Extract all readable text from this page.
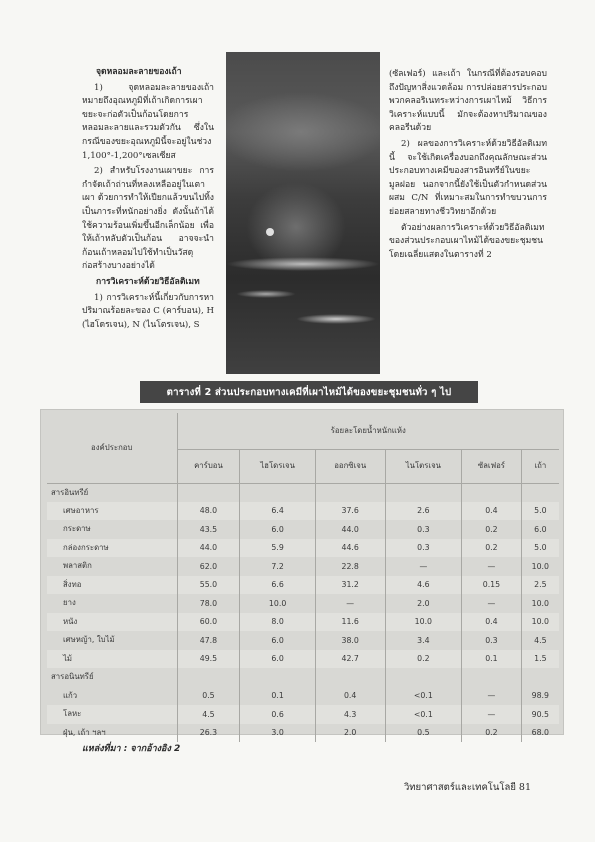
จุดหลอมละลายของเถ้า

1) จุดหลอมละลายของเถ้า หมายถึงอุณหภูมิที่เถ้าเกิดการเผาขยะจะก่อตัวเป็นก้อนโดยการหลอมละลายและรวมตัวกัน ซึ่งในกรณีของขยะอุณหภูมินี้จะอยู่ในช่วง 1,100°-1,200°เซลเซียส

2) สำหรับโรงงานเผาขยะ การกำจัดเถ้าถ่านที่หลงเหลืออยู่ในเตาเผา ด้วยการทำให้เปียกแล้วขนไปทิ้งเป็นภาระที่หนักอย่างยิ่ง ดังนั้นถ้าได้ใช้ความร้อนเพิ่มขึ้นอีกเล็กน้อย เพื่อให้เถ้าหลับตัวเป็นก้อน อาจจะนำก้อนเถ้าหลอมไปใช้ทำเป็นวัสดุก่อสร้างบางอย่างได้

การวิเคราะห์ด้วยวิธีอัลติเมท

1) การวิเคราะห์นี้เกี่ยวกับการหาปริมาณร้อยละของ C (คาร์บอน), H (ไฮโดรเจน), N (ไนโตรเจน), S

(ซัลเฟอร์) และเถ้า ในกรณีที่ต้องรอบคอบถึงปัญหาสิ่งแวดล้อม การปล่อยสารประกอบพวกคลอริเนทระหว่างการเผาไหม้ วิธีการวิเคราะห์แบบนี้ มักจะต้องหาปริมาณของคลอรีนด้วย

2) ผลของการวิเคราะห์ด้วยวิธีอัลติเมทนี้ จะใช้เกิดเครื่องบอกถึงคุณลักษณะส่วนประกอบทางเคมีของสารอินทรีย์ในขยะมูลฝอย นอกจากนี้ยังใช้เป็นตัวกำหนดส่วนผสม C/N ที่เหมาะสมในการทำขบวนการย่อยสลายทางชีววิทยาอีกด้วย

ตัวอย่างผลการวิเคราะห์ด้วยวิธีอัลติเมทของส่วนประกอบเผาไหม้ได้ของขยะชุมชน โดยเฉลี่ยแสดงในตารางที่ 2

ตารางที่ 2 ส่วนประกอบทางเคมีที่เผาไหม้ได้ของขยะชุมชนทั่ว ๆ ไป
องค์ประกอบ	ร้อยละโดยน้ำหนักแห้ง					
	คาร์บอน	ไฮโดรเจน	ออกซิเจน	ไนโตรเจน	ซัลเฟอร์	เถ้า
สารอินทรีย์						
เศษอาหาร	48.0	6.4	37.6	2.6	0.4	5.0
กระดาษ	43.5	6.0	44.0	0.3	0.2	6.0
กล่องกระดาษ	44.0	5.9	44.6	0.3	0.2	5.0
พลาสติก	62.0	7.2	22.8	—	—	10.0
สิ่งทอ	55.0	6.6	31.2	4.6	0.15	2.5
ยาง	78.0	10.0	—	2.0	—	10.0
หนัง	60.0	8.0	11.6	10.0	0.4	10.0
เศษหญ้า, ใบไม้	47.8	6.0	38.0	3.4	0.3	4.5
ไม้	49.5	6.0	42.7	0.2	0.1	1.5
สารอนินทรีย์						
แก้ว	0.5	0.1	0.4	<0.1	—	98.9
โลหะ	4.5	0.6	4.3	<0.1	—	90.5
ฝุ่น, เถ้า ฯลฯ	26.3	3.0	2.0	0.5	0.2	68.0
แหล่งที่มา : จากอ้างอิง 2
วิทยาศาสตร์และเทคโนโลยี 81
